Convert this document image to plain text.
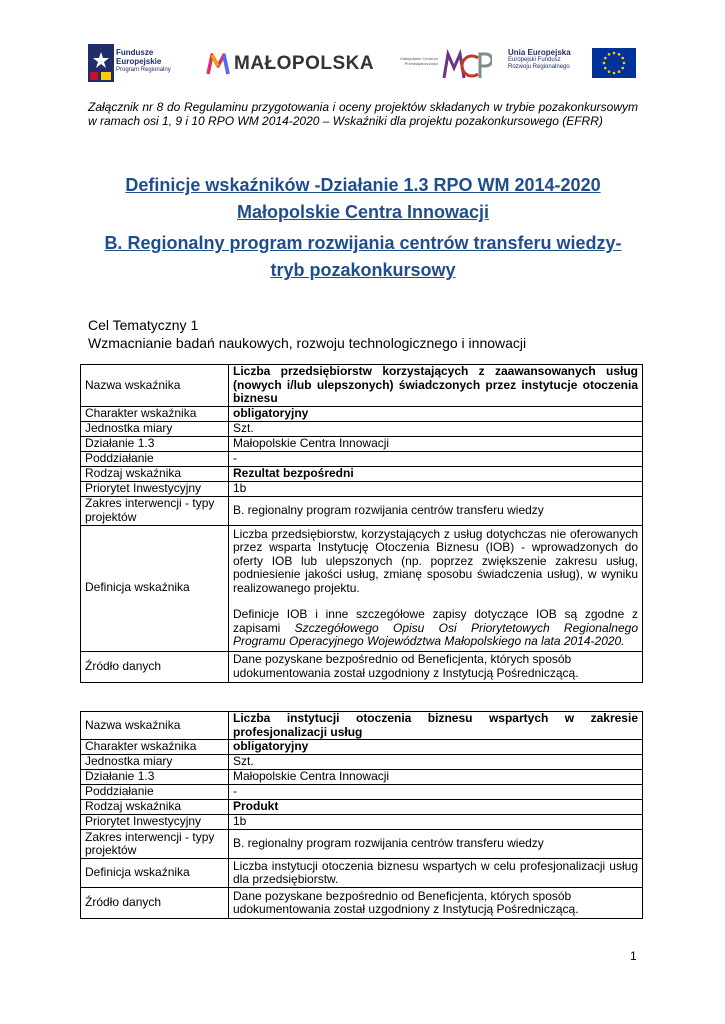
Fundusze
Europejskie
Program Regionalny	MAŁOPOLSKA	Małopolskie Centrum Przedsiębiorczości
Unia Europejska
Europejski Fundusz
Rozwoju Regionalnego
Załącznik nr 8 do Regulaminu przygotowania i oceny projektów składanych w trybie pozakonkursowym w ramach osi 1, 9 i 10 RPO WM 2014-2020 – Wskaźniki dla projektu pozakonkursowego (EFRR)
Definicje wskaźników -Działanie 1.3 RPO WM 2014-2020 Małopolskie Centra Innowacji
B. Regionalny program rozwijania centrów transferu wiedzy- tryb pozakonkursowy
Cel Tematyczny 1
Wzmacnianie badań naukowych, rozwoju technologicznego i innowacji
Nazwa wskaźnika	Liczba przedsiębiorstw korzystających z zaawansowanych usług (nowych i/lub ulepszonych) świadczonych przez instytucje otoczenia biznesu
Charakter wskaźnika	obligatoryjny
Jednostka miary	Szt.
Działanie 1.3	Małopolskie Centra Innowacji
Poddziałanie	-
Rodzaj wskaźnika	Rezultat bezpośredni
Priorytet Inwestycyjny	1b
Zakres interwencji - typy projektów	B. regionalny program rozwijania centrów transferu wiedzy
Definicja wskaźnika	Liczba przedsiębiorstw, korzystających z usług dotychczas nie oferowanych przez wsparta Instytucję Otoczenia Biznesu (IOB) - wprowadzonych do oferty IOB lub ulepszonych (np. poprzez zwiększenie zakresu usług, podniesienie jakości usług, zmianę sposobu świadczenia usług), w wyniku realizowanego projektu.

Definicje IOB i inne szczegółowe zapisy dotyczące IOB są zgodne z zapisami Szczegółowego Opisu Osi Priorytetowych Regionalnego Programu Operacyjnego Województwa Małopolskiego na lata 2014-2020.

Źródło danych	Dane pozyskane bezpośrednio od Beneficjenta, których sposób udokumentowania został uzgodniony z Instytucją Pośredniczącą.
Nazwa wskaźnika	Liczba instytucji otoczenia biznesu wspartych w zakresie profesjonalizacji usług
Charakter wskaźnika	obligatoryjny
Jednostka miary	Szt.
Działanie 1.3	Małopolskie Centra Innowacji
Poddziałanie	-
Rodzaj wskaźnika	Produkt
Priorytet Inwestycyjny	1b
Zakres interwencji - typy projektów	B. regionalny program rozwijania centrów transferu wiedzy
Definicja wskaźnika	Liczba instytucji otoczenia biznesu wspartych w celu profesjonalizacji usług dla przedsiębiorstw.
Źródło danych	Dane pozyskane bezpośrednio od Beneficjenta, których sposób udokumentowania został uzgodniony z Instytucją Pośredniczącą.
1
